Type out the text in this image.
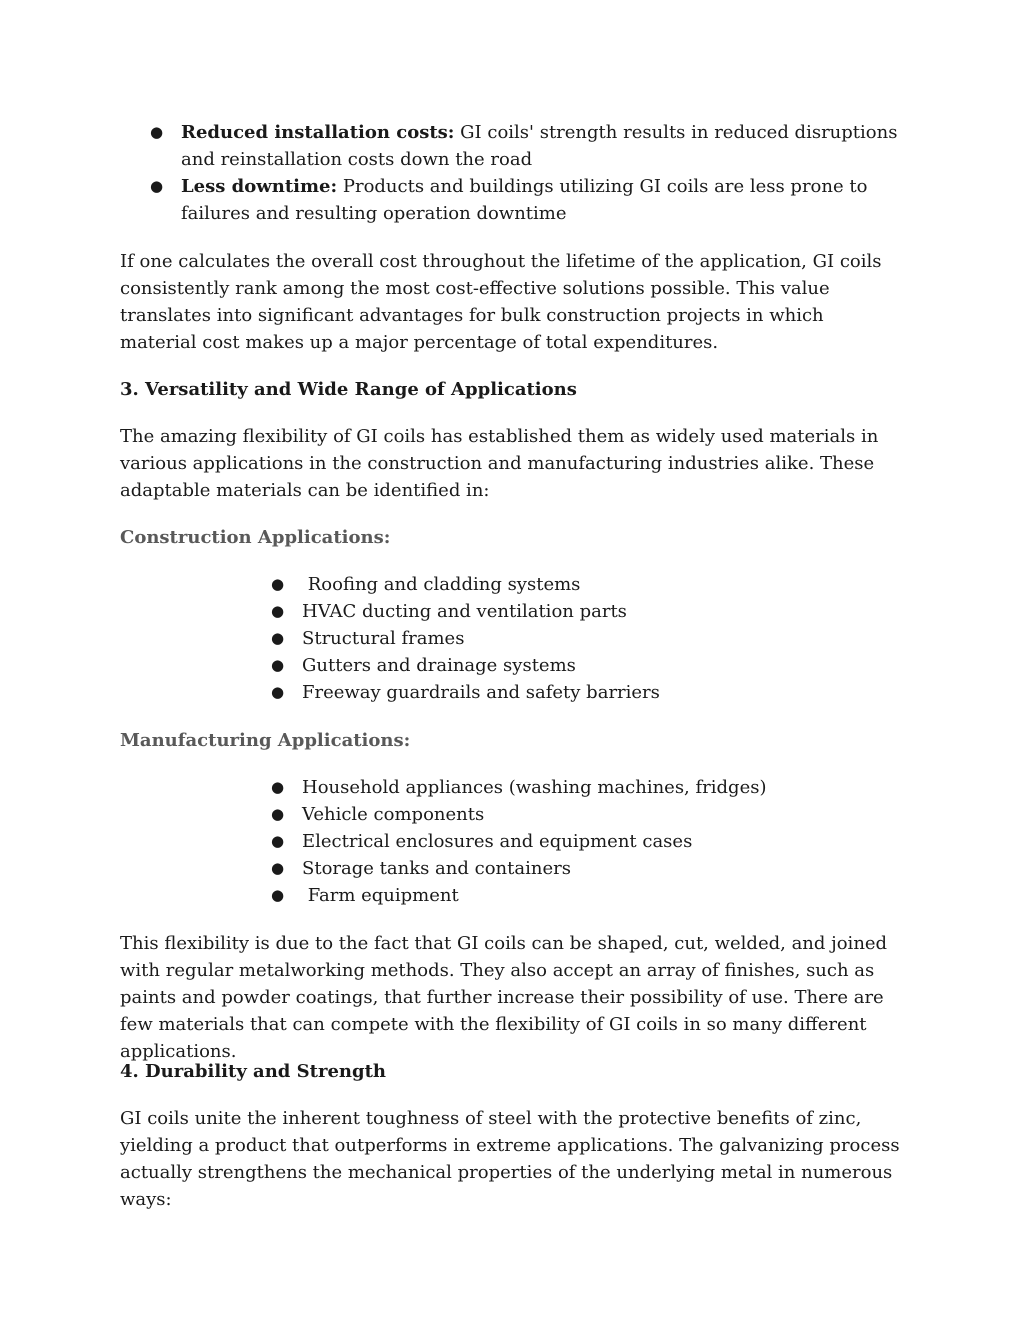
● Reduced installation costs: GI coils' strength results in reduced disruptions and reinstallation costs down the road
● Less downtime: Products and buildings utilizing GI coils are less prone to failures and resulting operation downtime

If one calculates the overall cost throughout the lifetime of the application, GI coils consistently rank among the most cost-effective solutions possible. This value translates into significant advantages for bulk construction projects in which material cost makes up a major percentage of total expenditures.

3. Versatility and Wide Range of Applications

The amazing flexibility of GI coils has established them as widely used materials in various applications in the construction and manufacturing industries alike. These adaptable materials can be identified in:

Construction Applications:

● Roofing and cladding systems
● HVAC ducting and ventilation parts
● Structural frames
● Gutters and drainage systems
● Freeway guardrails and safety barriers

Manufacturing Applications:

● Household appliances (washing machines, fridges)
● Vehicle components
● Electrical enclosures and equipment cases
● Storage tanks and containers
● Farm equipment

This flexibility is due to the fact that GI coils can be shaped, cut, welded, and joined with regular metalworking methods. They also accept an array of finishes, such as paints and powder coatings, that further increase their possibility of use. There are few materials that can compete with the flexibility of GI coils in so many different applications.

4. Durability and Strength

GI coils unite the inherent toughness of steel with the protective benefits of zinc, yielding a product that outperforms in extreme applications. The galvanizing process actually strengthens the mechanical properties of the underlying metal in numerous ways:
